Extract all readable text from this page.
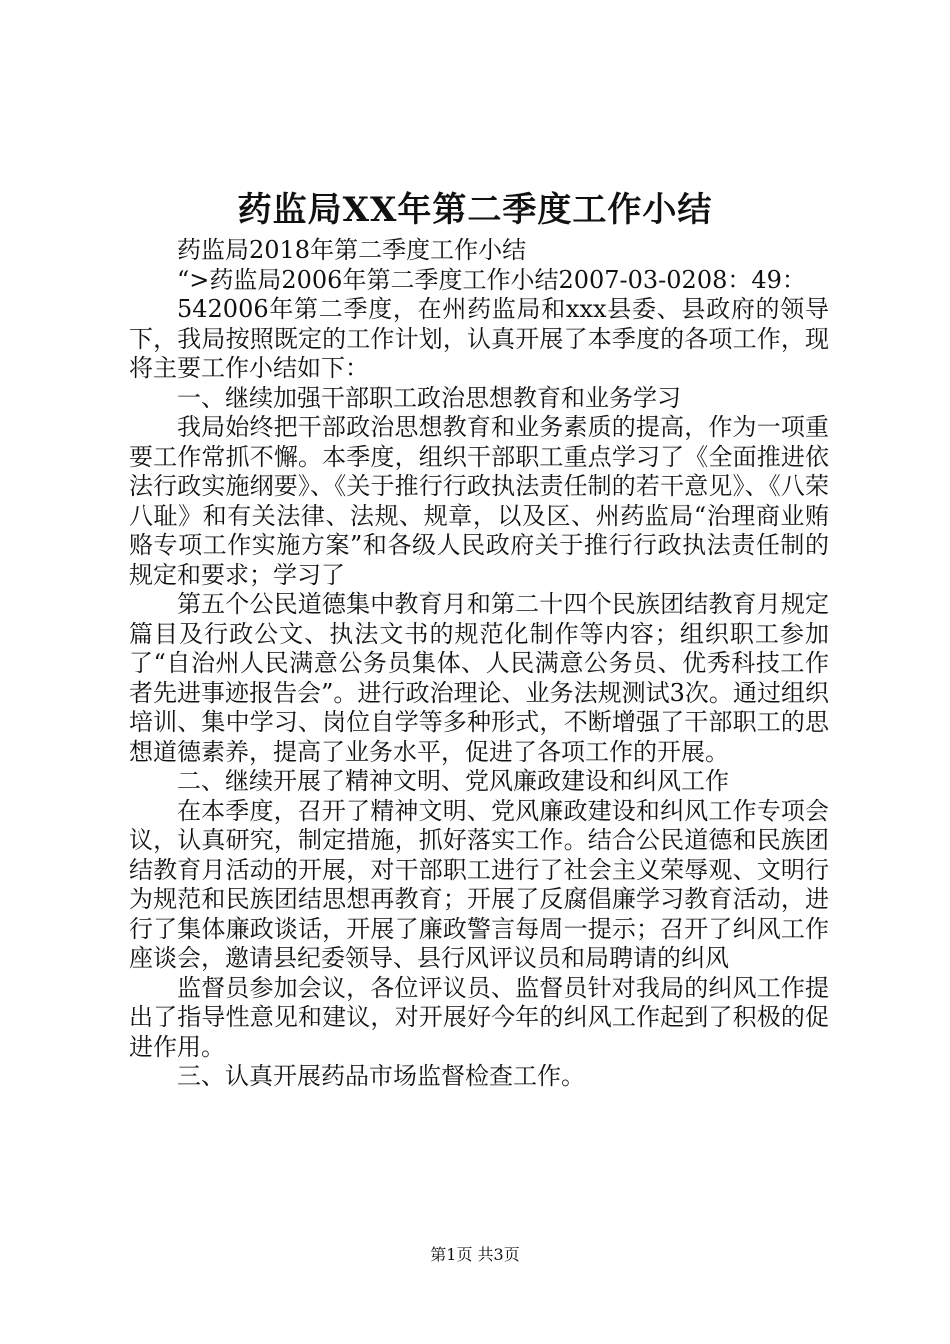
药监局XX年第二季度工作小结

药监局2018年第二季度工作小结

“>药监局2006年第二季度工作小结2007-03-0208：49：

542006年第二季度，在州药监局和xxx县委、县政府的领导下，我局按照既定的工作计划，认真开展了本季度的各项工作，现将主要工作小结如下：

一、继续加强干部职工政治思想教育和业务学习

我局始终把干部政治思想教育和业务素质的提高，作为一项重要工作常抓不懈。本季度，组织干部职工重点学习了《全面推进依法行政实施纲要》、《关于推行行政执法责任制的若干意见》、《八荣八耻》和有关法律、法规、规章，以及区、州药监局“治理商业贿赂专项工作实施方案”和各级人民政府关于推行行政执法责任制的规定和要求；学习了

第五个公民道德集中教育月和第二十四个民族团结教育月规定篇目及行政公文、执法文书的规范化制作等内容；组织职工参加了“自治州人民满意公务员集体、人民满意公务员、优秀科技工作者先进事迹报告会”。进行政治理论、业务法规测试3次。通过组织培训、集中学习、岗位自学等多种形式，不断增强了干部职工的思想道德素养，提高了业务水平，促进了各项工作的开展。

二、继续开展了精神文明、党风廉政建设和纠风工作

在本季度，召开了精神文明、党风廉政建设和纠风工作专项会议，认真研究，制定措施，抓好落实工作。结合公民道德和民族团结教育月活动的开展，对干部职工进行了社会主义荣辱观、文明行为规范和民族团结思想再教育；开展了反腐倡廉学习教育活动，进行了集体廉政谈话，开展了廉政警言每周一提示；召开了纠风工作座谈会，邀请县纪委领导、县行风评议员和局聘请的纠风

监督员参加会议，各位评议员、监督员针对我局的纠风工作提出了指导性意见和建议，对开展好今年的纠风工作起到了积极的促进作用。

三、认真开展药品市场监督检查工作。

第1页 共3页
